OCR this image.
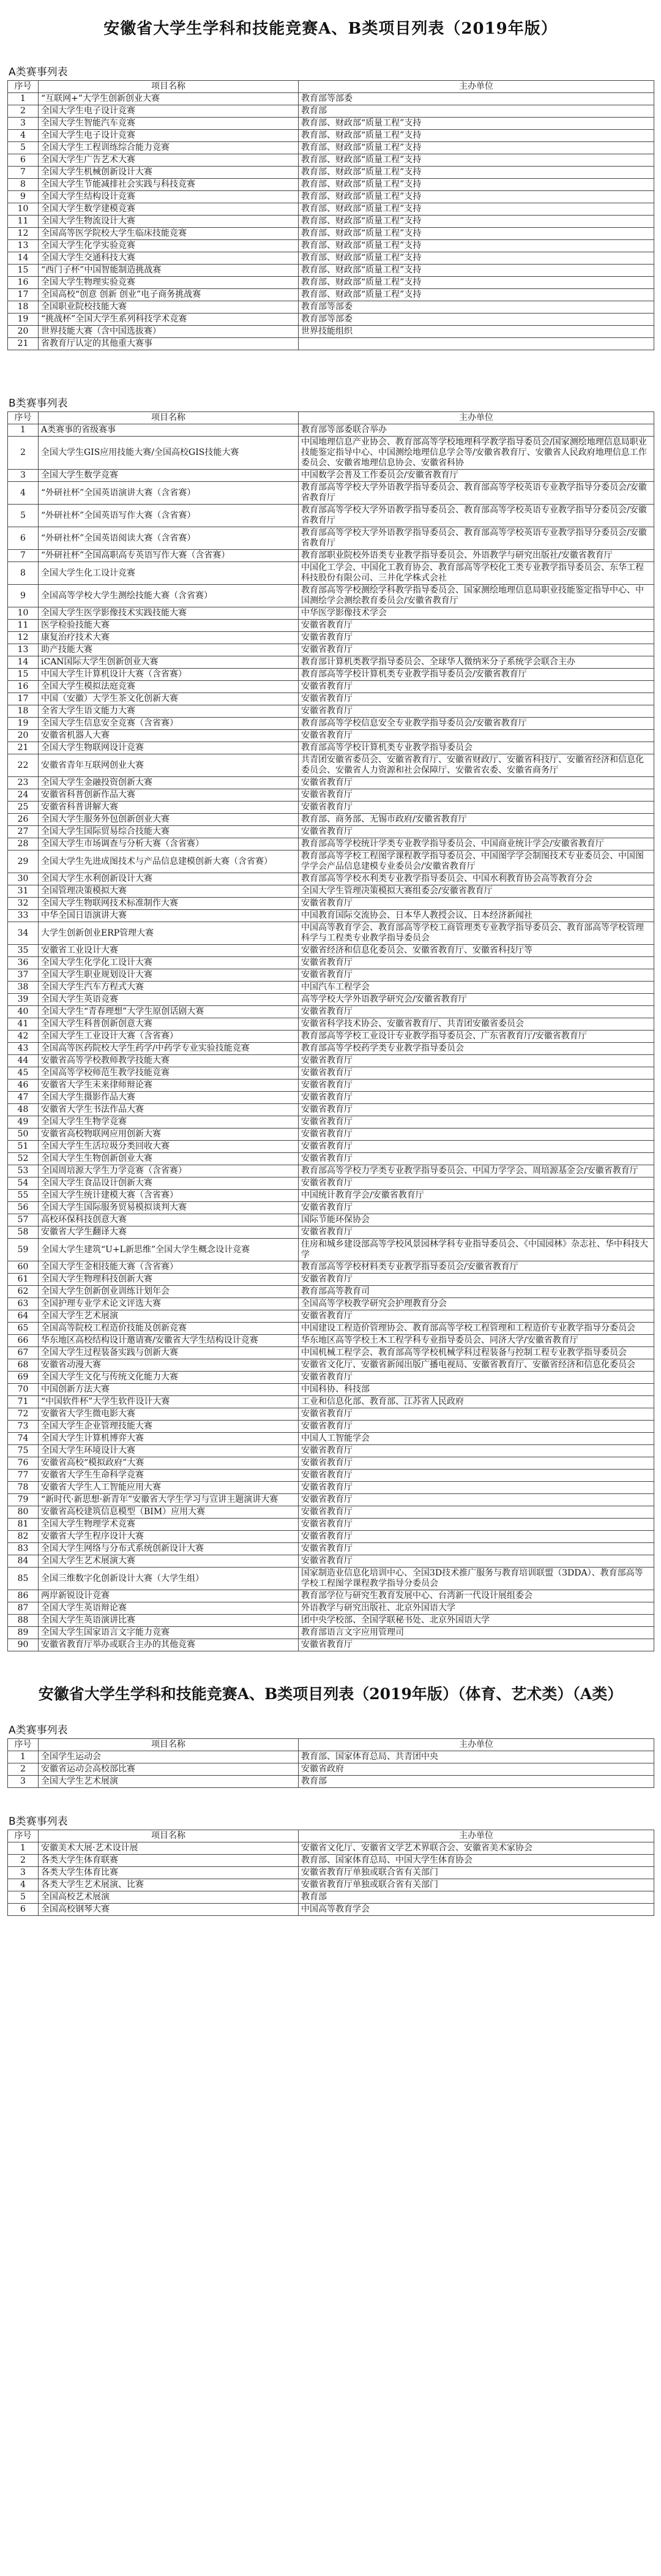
安徽省大学生学科和技能竞赛A、B类项目列表（2019年版）
A类赛事列表
序号	项目名称	主办单位
1	“互联网+”大学生创新创业大赛	教育部等部委
2	全国大学生电子设计竞赛	教育部
3	全国大学生智能汽车竞赛	教育部、财政部“质量工程”支持
4	全国大学生电子设计竞赛	教育部、财政部“质量工程”支持
5	全国大学生工程训练综合能力竞赛	教育部、财政部“质量工程”支持
6	全国大学生广告艺术大赛	教育部、财政部“质量工程”支持
7	全国大学生机械创新设计大赛	教育部、财政部“质量工程”支持
8	全国大学生节能减排社会实践与科技竞赛	教育部、财政部“质量工程”支持
9	全国大学生结构设计竞赛	教育部、财政部“质量工程”支持
10	全国大学生数学建模竞赛	教育部、财政部“质量工程”支持
11	全国大学生物流设计大赛	教育部、财政部“质量工程”支持
12	全国高等医学院校大学生临床技能竞赛	教育部、财政部“质量工程”支持
13	全国大学生化学实验竞赛	教育部、财政部“质量工程”支持
14	全国大学生交通科技大赛	教育部、财政部“质量工程”支持
15	“西门子杯”中国智能制造挑战赛	教育部、财政部“质量工程”支持
16	全国大学生物理实验竞赛	教育部、财政部“质量工程”支持
17	全国高校“创意 创新 创业”电子商务挑战赛	教育部、财政部“质量工程”支持
18	全国职业院校技能大赛	教育部等部委
19	“挑战杯”全国大学生系列科技学术竞赛	教育部等部委
20	世界技能大赛（含中国选拔赛）	世界技能组织
21	省教育厅认定的其他重大赛事	
B类赛事列表
序号	项目名称	主办单位
1	A类赛事的省级赛事	教育部等部委联合举办
2	全国大学生GIS应用技能大赛/全国高校GIS技能大赛	中国地理信息产业协会、教育部高等学校地理科学教学指导委员会/国家测绘地理信息局职业技能鉴定指导中心、中国测绘地理信息学会等/安徽省教育厅、安徽省人民政府地理信息工作委员会、安徽省地理信息协会、安徽省科协
3	全国大学生数学竞赛	中国数学会普及工作委员会/安徽省教育厅
4	“外研社杯”全国英语演讲大赛（含省赛）	教育部高等学校大学外语教学指导委员会、教育部高等学校英语专业教学指导分委员会/安徽省教育厅
5	“外研社杯”全国英语写作大赛（含省赛）	教育部高等学校大学外语教学指导委员会、教育部高等学校英语专业教学指导分委员会/安徽省教育厅
6	“外研社杯”全国英语阅读大赛（含省赛）	教育部高等学校大学外语教学指导委员会、教育部高等学校英语专业教学指导分委员会/安徽省教育厅
7	“外研社杯”全国高职高专英语写作大赛（含省赛）	教育部职业院校外语类专业教学指导委员会、外语教学与研究出版社/安徽省教育厅
8	全国大学生化工设计竞赛	中国化工学会、中国化工教育协会、教育部高等学校化工类专业教学指导委员会、东华工程科技股份有限公司、三井化学株式会社
9	全国高等学校大学生测绘技能大赛（含省赛）	教育部高等学校测绘学科教学指导委员会、国家测绘地理信息局职业技能鉴定指导中心、中国测绘学会测绘教育委员会/安徽省教育厅
10	全国大学生医学影像技术实践技能大赛	中华医学影像技术学会
11	医学检验技能大赛	安徽省教育厅
12	康复治疗技术大赛	安徽省教育厅
13	助产技能大赛	安徽省教育厅
14	iCAN国际大学生创新创业大赛	教育部计算机类教学指导委员会、全球华人微纳米分子系统学会联合主办
15	中国大学生计算机设计大赛（含省赛）	教育部高等学校计算机类专业教学指导委员会/安徽省教育厅
16	全国大学生模拟法庭竞赛	安徽省教育厅
17	中国（安徽）大学生茶文化创新大赛	安徽省教育厅
18	全省大学生语文能力大赛	安徽省教育厅
19	全国大学生信息安全竞赛（含省赛）	教育部高等学校信息安全专业教学指导委员会/安徽省教育厅
20	安徽省机器人大赛	安徽省教育厅
21	全国大学生物联网设计竞赛	教育部高等学校计算机类专业教学指导委员会
22	安徽省青年互联网创业大赛	共青团安徽省委员会、安徽省教育厅、安徽省财政厅、安徽省科技厅、安徽省经济和信息化委员会、安徽省人力资源和社会保障厅、安徽省农委、安徽省商务厅
23	全国大学生金融投资创新大赛	安徽省教育厅
24	安徽省科普创新作品大赛	安徽省教育厅
25	安徽省科普讲解大赛	安徽省教育厅
26	全国大学生服务外包创新创业大赛	教育部、商务部、无锡市政府/安徽省教育厅
27	全国大学生国际贸易综合技能大赛	安徽省教育厅
28	全国大学生市场调查与分析大赛（含省赛）	教育部高等学校统计学类专业教学指导委员会、中国商业统计学会/安徽省教育厅
29	全国大学生先进成图技术与产品信息建模创新大赛（含省赛）	教育部高等学校工程图学课程教学指导委员会、中国图学学会制图技术专业委员会、中国图学学会产品信息建模专业委员会/安徽省教育厅
30	全国大学生水利创新设计大赛	教育部高等学校水利类专业教学指导委员会、中国水利教育协会高等教育分会
31	全国管理决策模拟大赛	全国大学生管理决策模拟大赛组委会/安徽省教育厅
32	全国大学生物联网技术标准制作大赛	安徽省教育厅
33	中华全国日语演讲大赛	中国教育国际交流协会、日本华人教授会议、日本经济新闻社
34	大学生创新创业ERP管理大赛	中国高等教育学会、教育部高等学校工商管理类专业教学指导委员会、教育部高等学校管理科学与工程类专业教学指导委员会
35	安徽省工业设计大赛	安徽省经济和信息化委员会、安徽省教育厅、安徽省科技厅等
36	全国大学生化学化工设计大赛	安徽省教育厅
37	全国大学生职业规划设计大赛	安徽省教育厅
38	全国大学生汽车方程式大赛	中国汽车工程学会
39	全国大学生英语竞赛	高等学校大学外语教学研究会/安徽省教育厅
40	全国大学生“青春理想”大学生原创话剧大赛	安徽省教育厅
41	全国大学生科普创新创意大赛	安徽省科学技术协会、安徽省教育厅、共青团安徽省委员会
42	全国大学生工业设计大赛（含省赛）	教育部高等学校工业设计专业教学指导委员会、广东省教育厅/安徽省教育厅
43	全国高等医药院校大学生药学/中药学专业实验技能竞赛	教育部高等学校药学类专业教学指导委员会
44	安徽省高等学校教师教学技能大赛	安徽省教育厅
45	全国高等学校师范生教学技能竞赛	安徽省教育厅
46	安徽省大学生未来律师辩论赛	安徽省教育厅
47	全国大学生摄影作品大赛	安徽省教育厅
48	安徽省大学生书法作品大赛	安徽省教育厅
49	全国大学生生物学竞赛	安徽省教育厅
50	安徽省高校物联网应用创新大赛	安徽省教育厅
51	全国大学生生活垃圾分类回收大赛	安徽省教育厅
52	全国大学生生物创新创业大赛	安徽省教育厅
53	全国周培源大学生力学竞赛（含省赛）	教育部高等学校力学类专业教学指导委员会、中国力学学会、周培源基金会/安徽省教育厅
54	全国大学生食品设计创新大赛	安徽省教育厅
55	全国大学生统计建模大赛（含省赛）	中国统计教育学会/安徽省教育厅
56	全国大学生国际服务贸易模拟谈判大赛	安徽省教育厅
57	高校环保科技创意大赛	国际节能环保协会
58	安徽省大学生翻译大赛	安徽省教育厅
59	全国大学生建筑“U+L新思维”全国大学生概念设计竞赛	住房和城乡建设部高等学校风景园林学科专业指导委员会、《中国园林》杂志社、华中科技大学
60	全国大学生金相技能大赛（含省赛）	教育部高等学校材料类专业教学指导委员会/安徽省教育厅
61	全国大学生物理科技创新大赛	安徽省教育厅
62	全国大学生创新创业训练计划年会	教育部高等教育司
63	全国护理专业学术论文评选大赛	全国高等学校教学研究会护理教育分会
64	全国大学生艺术展演	安徽省教育厅
65	全国高等院校工程造价技能及创新竞赛	中国建设工程造价管理协会、教育部高等学校工程管理和工程造价专业教学指导分委员会
66	华东地区高校结构设计邀请赛/安徽省大学生结构设计竞赛	华东地区高等学校土木工程学科专业指导委员会、同济大学/安徽省教育厅
67	全国大学生过程装备实践与创新大赛	中国机械工程学会、教育部高等学校机械学科过程装备与控制工程专业教学指导委员会
68	安徽省动漫大赛	安徽省文化厅、安徽省新闻出版广播电视局、安徽省教育厅、安徽省经济和信息化委员会
69	全国大学生文化与传统文化能力大赛	安徽省教育厅
70	中国创新方法大赛	中国科协、科技部
71	“中国软件杯”大学生软件设计大赛	工业和信息化部、教育部、江苏省人民政府
72	安徽省大学生微电影大赛	安徽省教育厅
73	全国大学生企业管理技能大赛	安徽省教育厅
74	全国大学生计算机博弈大赛	中国人工智能学会
75	全国大学生环境设计大赛	安徽省教育厅
76	安徽省高校“模拟政府”大赛	安徽省教育厅
77	安徽省大学生生命科学竞赛	安徽省教育厅
78	安徽省大学生人工智能应用大赛	安徽省教育厅
79	“新时代·新思想·新青年”安徽省大学生学习与宣讲主题演讲大赛	安徽省教育厅
80	安徽省高校建筑信息模型（BIM）应用大赛	安徽省教育厅
81	全国大学生物理学术竞赛	安徽省教育厅
82	安徽省大学生程序设计大赛	安徽省教育厅
83	全国大学生网络与分布式系统创新设计大赛	安徽省教育厅
84	全国大学生艺术展演大赛	安徽省教育厅
85	全国三维数字化创新设计大赛（大学生组）	国家制造业信息化培训中心、全国3D技术推广服务与教育培训联盟（3DDA）、教育部高等学校工程图学课程教学指导分委员会
86	两岸新锐设计竞赛	教育部学位与研究生教育发展中心、台湾新一代设计展组委会
87	全国大学生英语辩论赛	外语教学与研究出版社、北京外国语大学
88	全国大学生英语演讲比赛	团中央学校部、全国学联秘书处、北京外国语大学
89	全国大学生国家语言文字能力竞赛	教育部语言文字应用管理司
90	安徽省教育厅举办或联合主办的其他竞赛	安徽省教育厅
安徽省大学生学科和技能竞赛A、B类项目列表（2019年版）（体育、艺术类）（A类）
A类赛事列表
序号	项目名称	主办单位
1	全国学生运动会	教育部、国家体育总局、共青团中央
2	安徽省运动会高校部比赛	安徽省政府
3	全国大学生艺术展演	教育部
B类赛事列表
序号	项目名称	主办单位
1	安徽美术大展·艺术设计展	安徽省文化厅、安徽省文学艺术界联合会、安徽省美术家协会
2	各类大学生体育联赛	教育部、国家体育总局、中国大学生体育协会
3	各类大学生体育比赛	安徽省教育厅单独或联合省有关部门
4	各类大学生艺术展演、比赛	安徽省教育厅单独或联合省有关部门
5	全国高校艺术展演	教育部
6	全国高校钢琴大赛	中国高等教育学会
